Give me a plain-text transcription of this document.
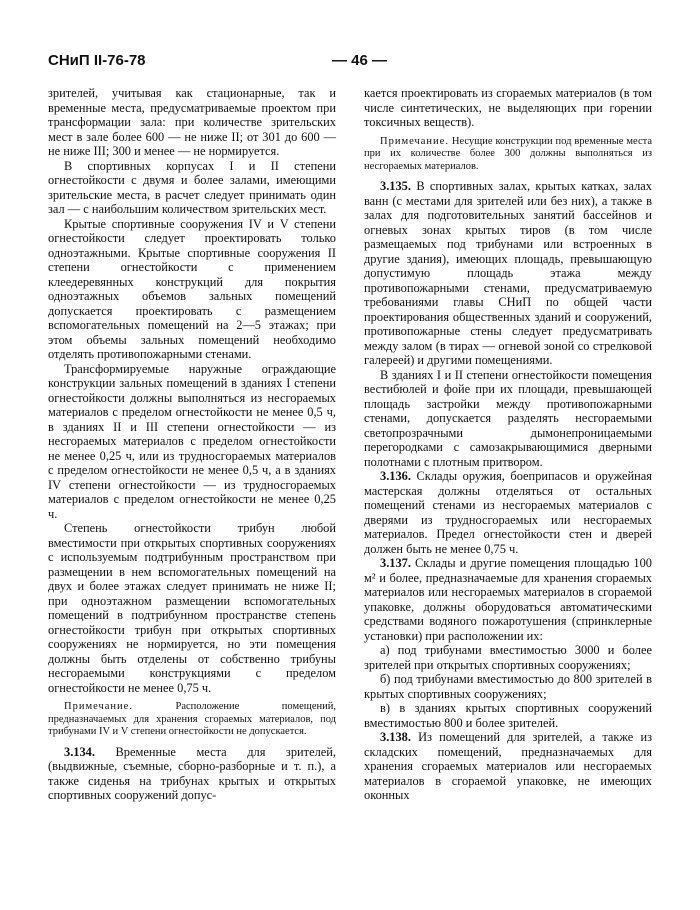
СНиП II-76-78	— 46 —

зрителей, учитывая как стационарные, так и временные места, предусматриваемые проектом при трансформации зала: при количестве зрительских мест в зале более 600 — не ниже II; от 301 до 600 — не ниже III; 300 и менее — не нормируется.

В спортивных корпусах I и II степени огнестойкости с двумя и более залами, имеющими зрительские места, в расчет следует принимать один зал — с наибольшим количеством зрительских мест.

Крытые спортивные сооружения IV и V степени огнестойкости следует проектировать только одноэтажными. Крытые спортивные сооружения II степени огнестойкости с применением клеедеревянных конструкций для покрытия одноэтажных объемов зальных помещений допускается проектировать с размещением вспомогательных помещений на 2—5 этажах; при этом объемы зальных помещений необходимо отделять противопожарными стенами.

Трансформируемые наружные ограждающие конструкции зальных помещений в зданиях I степени огнестойкости должны выполняться из несгораемых материалов с пределом огнестойкости не менее 0,5 ч, в зданиях II и III степени огнестойкости — из несгораемых материалов с пределом огнестойкости не менее 0,25 ч, или из трудносгораемых материалов с пределом огнестойкости не менее 0,5 ч, а в зданиях IV степени огнестойкости — из трудносгораемых материалов с пределом огнестойкости не менее 0,25 ч.

Степень огнестойкости трибун любой вместимости при открытых спортивных сооружениях с используемым подтрибунным пространством при размещении в нем вспомогательных помещений на двух и более этажах следует принимать не ниже II; при одноэтажном размещении вспомогательных помещений в подтрибунном пространстве степень огнестойкости трибун при открытых спортивных сооружениях не нормируется, но эти помещения должны быть отделены от собственно трибуны несгораемыми конструкциями с пределом огнестойкости не менее 0,75 ч.

Примечание.	Расположение помещений, предназначаемых для хранения сгораемых материалов, под трибунами IV и V степени огнестойкости не допускается.

3.134. Временные места для зрителей, (выдвижные, съемные, сборно-разборные и т. п.), а также сиденья на трибунах крытых и открытых спортивных сооружений допус-

кается проектировать из сгораемых материалов (в том числе синтетических, не выделяющих при горении токсичных веществ).

Примечание. Несущие конструкции под временные места при их количестве более 300 должны выполняться из несгораемых материалов.

3.135. В спортивных залах, крытых катках, залах ванн (с местами для зрителей или без них), а также в залах для подготовительных занятий бассейнов и огневых зонах крытых тиров (в том числе размещаемых под трибунами или встроенных в другие здания), имеющих площадь, превышающую допустимую площадь этажа между противопожарными стенами, предусматриваемую требованиями главы СНиП по общей части проектирования общественных зданий и сооружений, противопожарные стены следует предусматривать между залом (в тирах — огневой зоной со стрелковой галереей) и другими помещениями.

В зданиях I и II степени огнестойкости помещения вестибюлей и фойе при их площади, превышающей площадь застройки между противопожарными стенами, допускается разделять несгораемыми светопрозрачными дымонепроницаемыми перегородками с самозакрывающимися дверными полотнами с плотным притвором.

3.136. Склады оружия, боеприпасов и оружейная мастерская должны отделяться от остальных помещений стенами из несгораемых материалов с дверями из трудносгораемых или несгораемых материалов. Предел огнестойкости стен и дверей должен быть не менее 0,75 ч.

3.137. Склады и другие помещения площадью 100 м² и более, предназначаемые для хранения сгораемых материалов или несгораемых материалов в сгораемой упаковке, должны оборудоваться автоматическими средствами водяного пожаротушения (спринклерные установки) при расположении их:

а) под трибунами вместимостью 3000 и более зрителей при открытых спортивных сооружениях;

б) под трибунами вместимостью до 800 зрителей в крытых спортивных сооружениях;

в) в зданиях крытых спортивных сооружений вместимостью 800 и более зрителей.

3.138. Из помещений для зрителей, а также из складских помещений, предназначаемых для хранения сгораемых материалов или несгораемых материалов в сгораемой упаковке, не имеющих оконных
